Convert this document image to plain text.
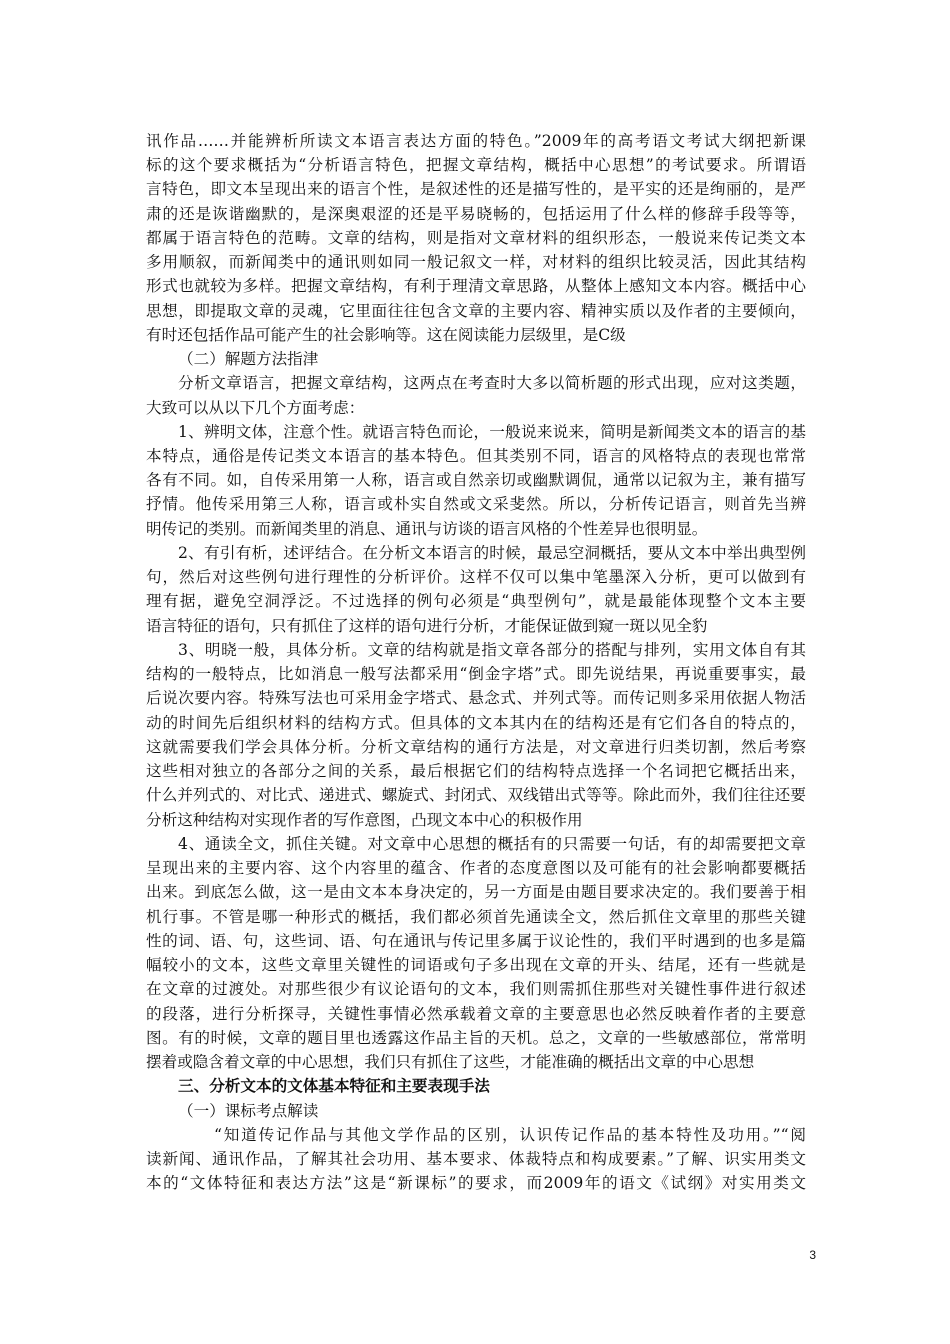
讯作品……并能辨析所读文本语言表达方面的特色。”2009年的高考语文考试大纲把新课
标的这个要求概括为“分析语言特色，把握文章结构，概括中心思想”的考试要求。所谓语
言特色，即文本呈现出来的语言个性，是叙述性的还是描写性的，是平实的还是绚丽的，是严
肃的还是诙谐幽默的，是深奥艰涩的还是平易晓畅的，包括运用了什么样的修辞手段等等，
都属于语言特色的范畴。文章的结构，则是指对文章材料的组织形态，一般说来传记类文本
多用顺叙，而新闻类中的通讯则如同一般记叙文一样，对材料的组织比较灵活，因此其结构
形式也就较为多样。把握文章结构，有利于理清文章思路，从整体上感知文本内容。概括中心
思想，即提取文章的灵魂，它里面往往包含文章的主要内容、精神实质以及作者的主要倾向，
有时还包括作品可能产生的社会影响等。这在阅读能力层级里，是C级
（二）解题方法指津
分析文章语言，把握文章结构，这两点在考查时大多以简析题的形式出现，应对这类题，
大致可以从以下几个方面考虑：
1、辨明文体，注意个性。就语言特色而论，一般说来说来，简明是新闻类文本的语言的基
本特点，通俗是传记类文本语言的基本特色。但其类别不同，语言的风格特点的表现也常常
各有不同。如，自传采用第一人称，语言或自然亲切或幽默调侃，通常以记叙为主，兼有描写
抒情。他传采用第三人称，语言或朴实自然或文采斐然。所以，分析传记语言，则首先当辨
明传记的类别。而新闻类里的消息、通讯与访谈的语言风格的个性差异也很明显。
2、有引有析，述评结合。在分析文本语言的时候，最忌空洞概括，要从文本中举出典型例
句，然后对这些例句进行理性的分析评价。这样不仅可以集中笔墨深入分析，更可以做到有
理有据，避免空洞浮泛。不过选择的例句必须是“典型例句”，就是最能体现整个文本主要
语言特征的语句，只有抓住了这样的语句进行分析，才能保证做到窥一斑以见全豹
3、明晓一般，具体分析。文章的结构就是指文章各部分的搭配与排列，实用文体自有其
结构的一般特点，比如消息一般写法都采用“倒金字塔”式。即先说结果，再说重要事实，最
后说次要内容。特殊写法也可采用金字塔式、悬念式、并列式等。而传记则多采用依据人物活
动的时间先后组织材料的结构方式。但具体的文本其内在的结构还是有它们各自的特点的，
这就需要我们学会具体分析。分析文章结构的通行方法是，对文章进行归类切割，然后考察
这些相对独立的各部分之间的关系，最后根据它们的结构特点选择一个名词把它概括出来，
什么并列式的、对比式、递进式、螺旋式、封闭式、双线错出式等等。除此而外，我们往往还要
分析这种结构对实现作者的写作意图，凸现文本中心的积极作用
4、通读全文，抓住关键。对文章中心思想的概括有的只需要一句话，有的却需要把文章
呈现出来的主要内容、这个内容里的蕴含、作者的态度意图以及可能有的社会影响都要概括
出来。到底怎么做，这一是由文本本身决定的，另一方面是由题目要求决定的。我们要善于相
机行事。不管是哪一种形式的概括，我们都必须首先通读全文，然后抓住文章里的那些关键
性的词、语、句，这些词、语、句在通讯与传记里多属于议论性的，我们平时遇到的也多是篇
幅较小的文本，这些文章里关键性的词语或句子多出现在文章的开头、结尾，还有一些就是
在文章的过渡处。对那些很少有议论语句的文本，我们则需抓住那些对关键性事件进行叙述
的段落，进行分析探寻，关键性事情必然承载着文章的主要意思也必然反映着作者的主要意
图。有的时候，文章的题目里也透露这作品主旨的天机。总之，文章的一些敏感部位，常常明
摆着或隐含着文章的中心思想，我们只有抓住了这些，才能准确的概括出文章的中心思想
三、分析文本的文体基本特征和主要表现手法
（一）课标考点解读
“知道传记作品与其他文学作品的区别，认识传记作品的基本特性及功用。”“阅
读新闻、通讯作品，了解其社会功用、基本要求、体裁特点和构成要素。”了解、识实用类文
本的“文体特征和表达方法”这是“新课标”的要求，而2009年的语文《试纲》对实用类文
3
